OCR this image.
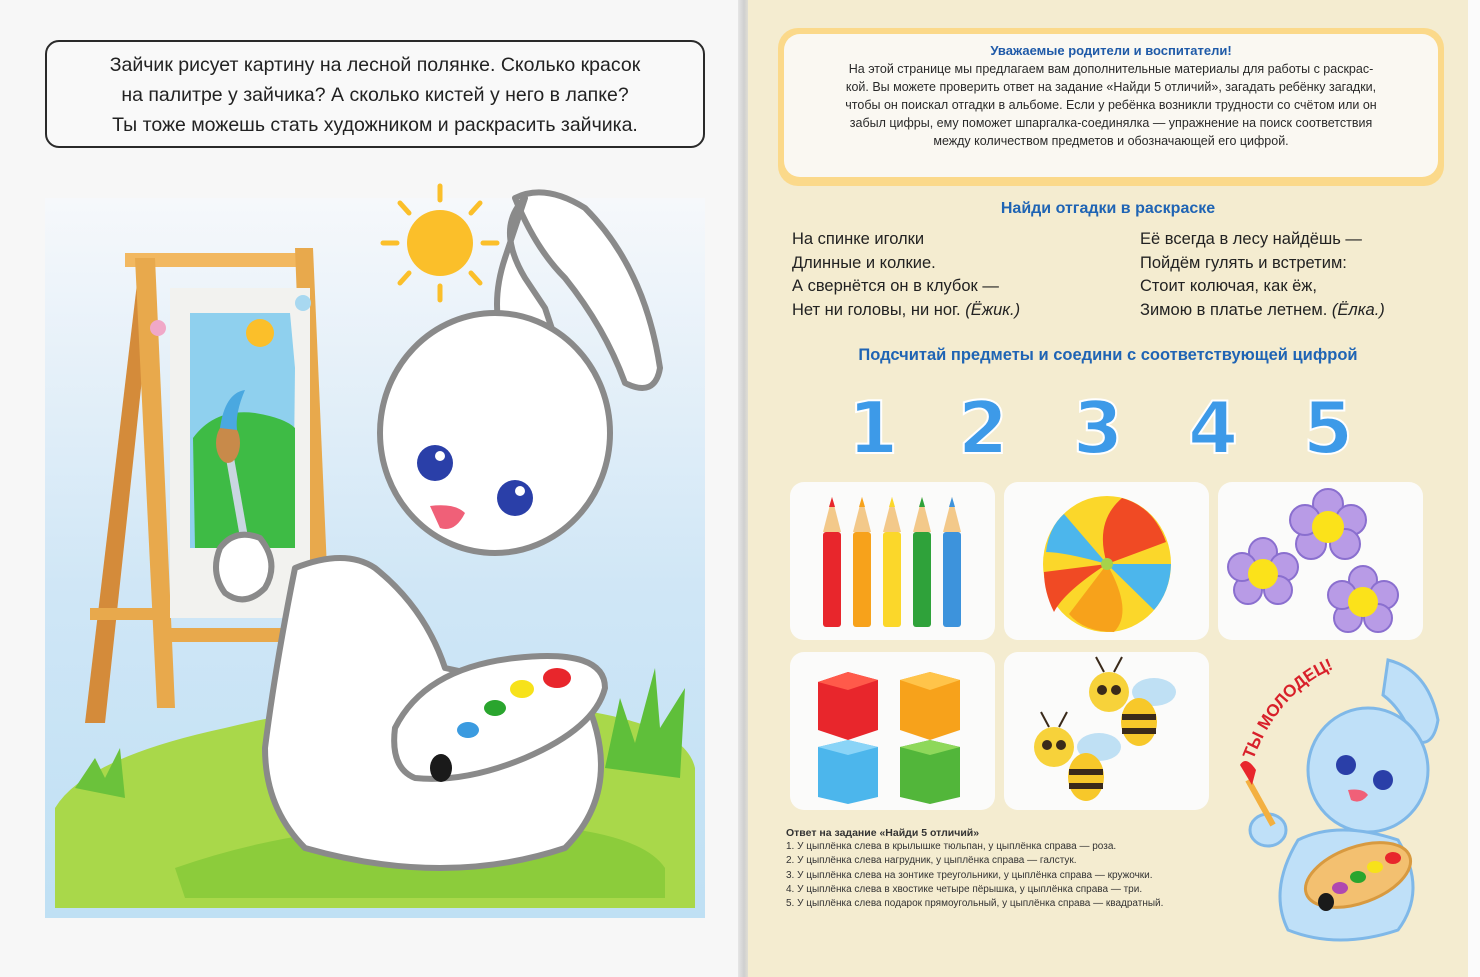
Зайчик рисует картину на лесной полянке. Сколько красок
на палитре у зайчика? А сколько кистей у него в лапке?
Ты тоже можешь стать художником и раскрасить зайчика.
Уважаемые родители и воспитатели!
На этой странице мы предлагаем вам дополнительные материалы для работы с раскрас-
кой. Вы можете проверить ответ на задание «Найди 5 отличий», загадать ребёнку загадки,
чтобы он поискал отгадки в альбоме. Если у ребёнка возникли трудности со счётом или он
забыл цифры, ему поможет шпаргалка-соединялка — упражнение на поиск соответствия
между количеством предметов и обозначающей его цифрой.
Найди отгадки в раскраске
На спинке иголки
Длинные и колкие.
А свернётся он в клубок —
Нет ни головы, ни ног. (Ёжик.)
Её всегда в лесу найдёшь —
Пойдём гулять и встретим:
Стоит колючая, как ёж,
Зимою в платье летнем. (Ёлка.)
Подсчитай предметы и соедини с соответствующей цифрой
1 2 3 4 5
Ответ на задание «Найди 5 отличий»
1. У цыплёнка слева в крылышке тюльпан, у цыплёнка справа — роза.
2. У цыплёнка слева нагрудник, у цыплёнка справа — галстук.
3. У цыплёнка слева на зонтике треугольники, у цыплёнка справа — кружочки.
4. У цыплёнка слева в хвостике четыре пёрышка, у цыплёнка справа — три.
5. У цыплёнка слева подарок прямоугольный, у цыплёнка справа — квадратный.
ТЫ МОЛОДЕЦ!
